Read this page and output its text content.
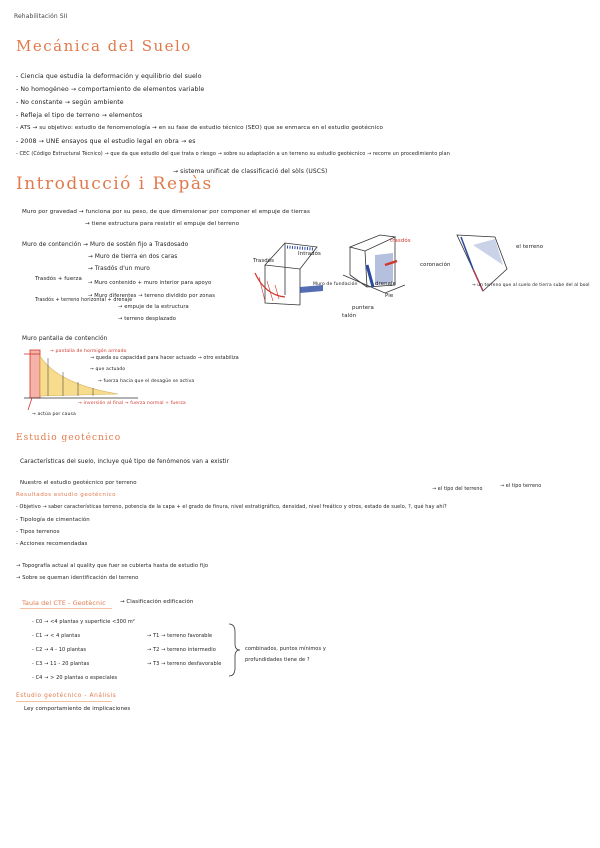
Rehabilitación SII
Mecánica del Suelo
- Ciencia que estudia la deformación y equilibrio del suelo
- No homogéneo → comportamiento de elementos variable
- No constante → según ambiente
- Refleja el tipo de terreno → elementos
- ATS → su objetivo: estudio de fenomenología → en su fase de estudio técnico (SEO) que se enmarca en el estudio geotécnico
- 2008 → UNE ensayos que el estudio legal en obra → es
- CEC (Código Estructural Técnico) → que da que estudio del que trata o riesgo → sobre su adaptación a un terreno su estudio geotécnico → recorre un procedimiento plan
Introducció i Repàs
→ sistema unificat de classificació del sòls (USCS)
Muro por gravedad → funciona por su peso, de que dimensionar por componer el empuje de tierras
→ tiene estructura para resistir el empuje del terreno
Muro de contención → Muro de sostén fijo a Trasdosado
→ Muro de tierra en dos caras
→ Trasdós d'un muro
→ Muro contenido + muro interior para apoyo
→ Muro diferentes → terreno dividido por zonas
→ empuje de la estructura
→ terreno desplazado
Trasdós + fuerza
Trasdós + terreno horizontal + drenaje
trasdós
Muro de fundación
coronación
drenaje
Pie
puntera
talón
Trasdós
Intradós
el terreno
→ un terreno que al suelo de tierra sube del al bool
Muro pantalla de contención
→ pantalla de hormigón armado
→ queda su capacidad para hacer actuado → otro estabiliza
→ que actuado
→ fuerza hacia que el desagüe se activa
→ inversión al final → fuerza normal + fuerza
→ actúa por causa
Estudio geotécnico
Características del suelo, incluye qué tipo de fenómenos van a existir
Nuestro el estudio geotécnico por terreno
Resultados estudio geotécnico
- Objetivo → saber características terreno, potencia de la capa + el grado de finura, nivel estratigráfico, densidad, nivel freático y otros, estado de suelo, ?, qué hay ahí?
- Tipología de cimentación
- Tipos terrenos
- Acciones recomendadas
→ el tipo del terreno
→ el tipo terreno
→ Topografía actual al quality que fuer se cubierta hasta de estudio fijo
→ Sobre se queman identificación del terreno
Taula del CTE - Geotècnic	→ Clasificación edificación
- C0 → <4 plantas y superficie <300 m²
- C1 → < 4 plantas
- C2 → 4 - 10 plantas
- C3 → 11 - 20 plantas
- C4 → > 20 plantas o especiales
→ T1 → terreno favorable
→ T2 → terreno intermedio
→ T3 → terreno desfavorable
combinados, puntos mínimos y
profundidades tiene de ?
Estudio geotécnico - Análisis
Ley comportamiento de implicaciones
